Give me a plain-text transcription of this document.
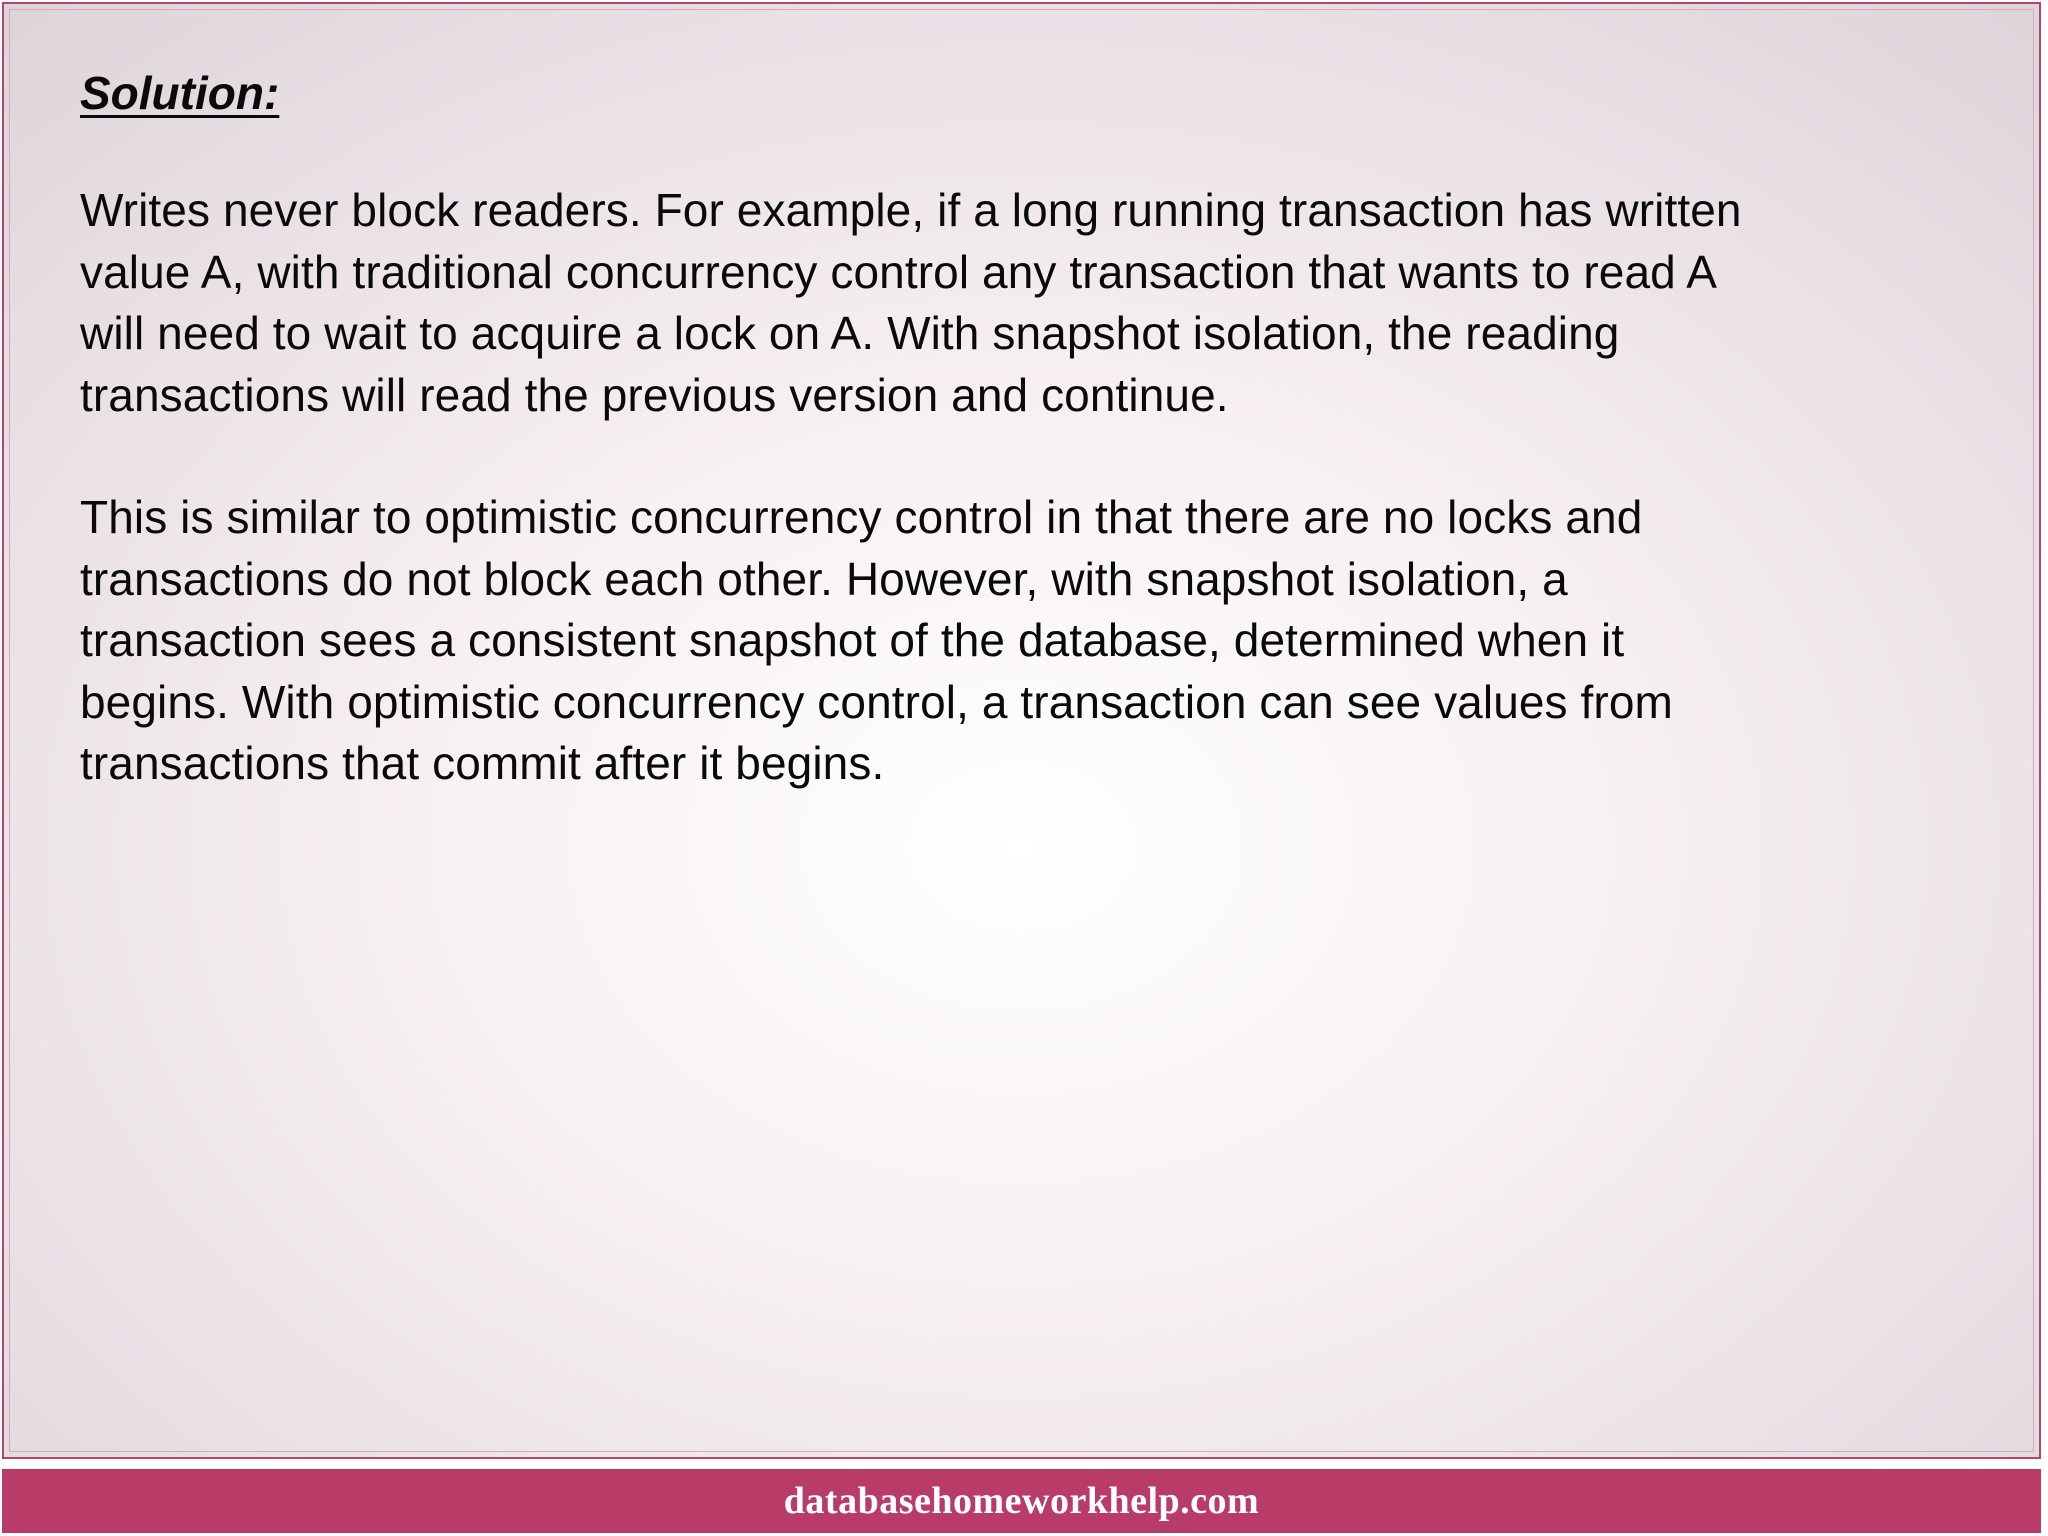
Solution:
Writes never block readers. For example, if a long running transaction has written
value A, with traditional concurrency control any transaction that wants to read A
will need to wait to acquire a lock on A. With snapshot isolation, the reading
transactions will read the previous version and continue.
This is similar to optimistic concurrency control in that there are no locks and
transactions do not block each other. However, with snapshot isolation, a
transaction sees a consistent snapshot of the database, determined when it
begins. With optimistic concurrency control, a transaction can see values from
transactions that commit after it begins.
databasehomeworkhelp.com
